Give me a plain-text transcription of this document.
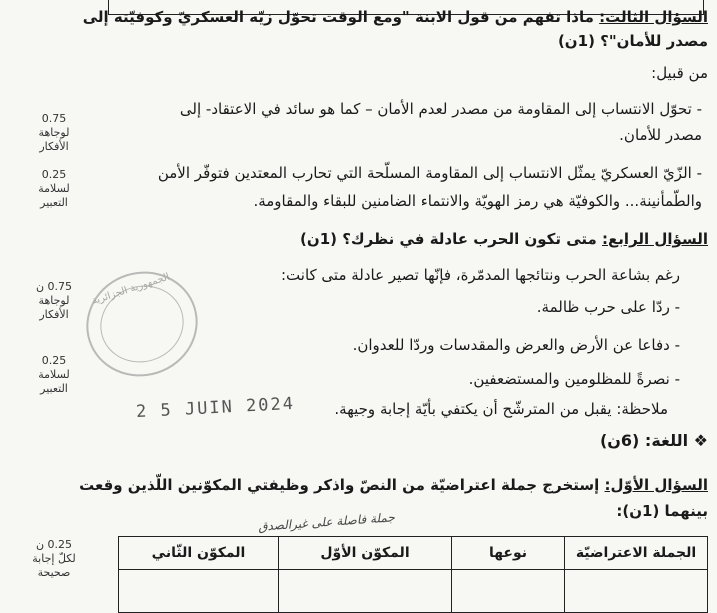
0.75
لوجاهة الأفكار
0.25
لسلامة التعبير
0.75 ن
لوجاهة الأفكار
0.25
لسلامة التعبير
0.25 ن
لكلّ إجابة صحيحة
الجمهورية الجزائرية
2 5 JUIN 2024
جملة فاصلة على غيرالصدق
السؤال الثالث: ماذا تفهم من قول الابنة "ومع الوقت تحوّل زيّه العسكريّ وكوفيّته إلى
مصدر للأمان"؟ (1ن)
من قبيل:
- تحوّل الانتساب إلى المقاومة من مصدر لعدم الأمان – كما هو سائد في الاعتقاد- إلى
مصدر للأمان.
- الزّيّ العسكريّ يمثّل الانتساب إلى المقاومة المسلّحة التي تحارب المعتدين فتوفّر الأمن
والطّمأنينة... والكوفيّة هي رمز الهويّة والانتماء الضامنين للبقاء والمقاومة.
السؤال الرابع: متى تكون الحرب عادلة في نظرك؟ (1ن)
رغم بشاعة الحرب ونتائجها المدمّرة، فإنّها تصير عادلة متى كانت:
- ردّا على حرب ظالمة.
- دفاعا عن الأرض والعرض والمقدسات وردّا للعدوان.
- نصرةً للمظلومين والمستضعفين.
ملاحظة: يقبل من المترشّح أن يكتفي بأيّة إجابة وجيهة.
❖ اللغة: (6ن)
السؤال الأوّل: إستخرج جملة اعتراضيّة من النصّ واذكر وظيفتي المكوّنين اللّذين وقعت
بينهما (1ن):
الجملة الاعتراضيّة	نوعها	المكوّن الأوّل	المكوّن الثّاني
